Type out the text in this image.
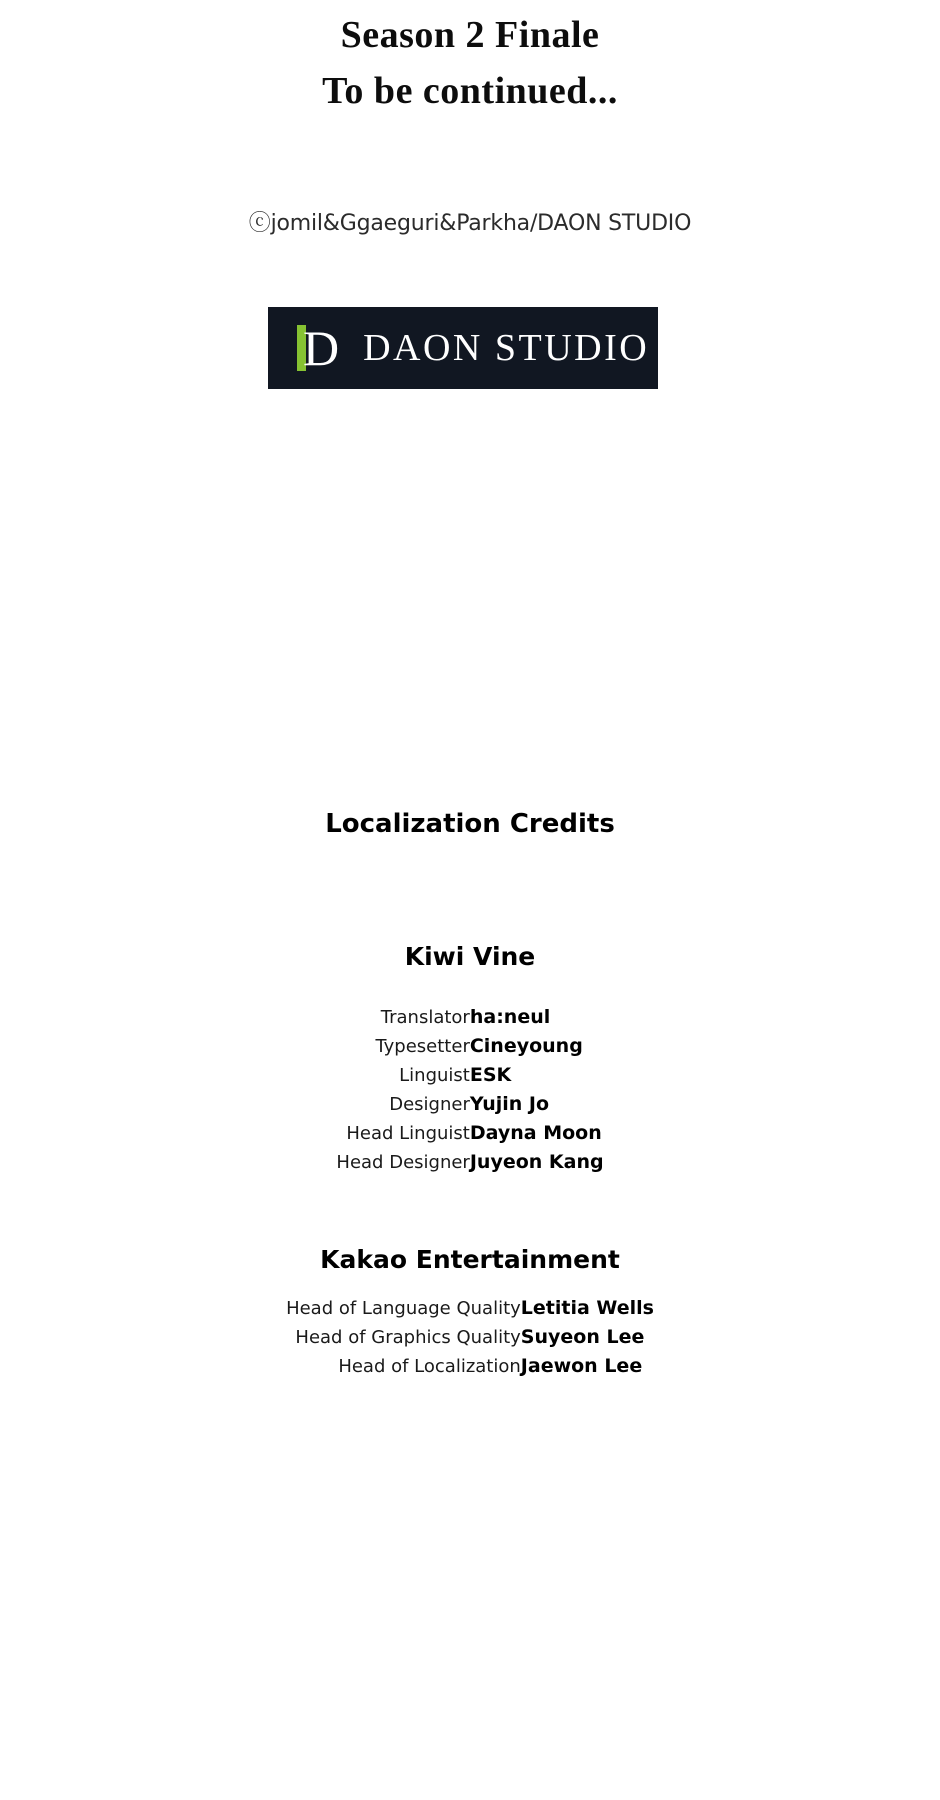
Season 2 Finale
To be continued...
ⓒjomil&Ggaeguri&Parkha/DAON STUDIO
D DAON STUDIO
Localization Credits
Kiwi Vine
Translator	ha:neul
Typesetter	Cineyoung
Linguist	ESK
Designer	Yujin Jo
Head Linguist	Dayna Moon
Head Designer	Juyeon Kang
Kakao Entertainment
Head of Language Quality	Letitia Wells
Head of Graphics Quality	Suyeon Lee
Head of Localization	Jaewon Lee
